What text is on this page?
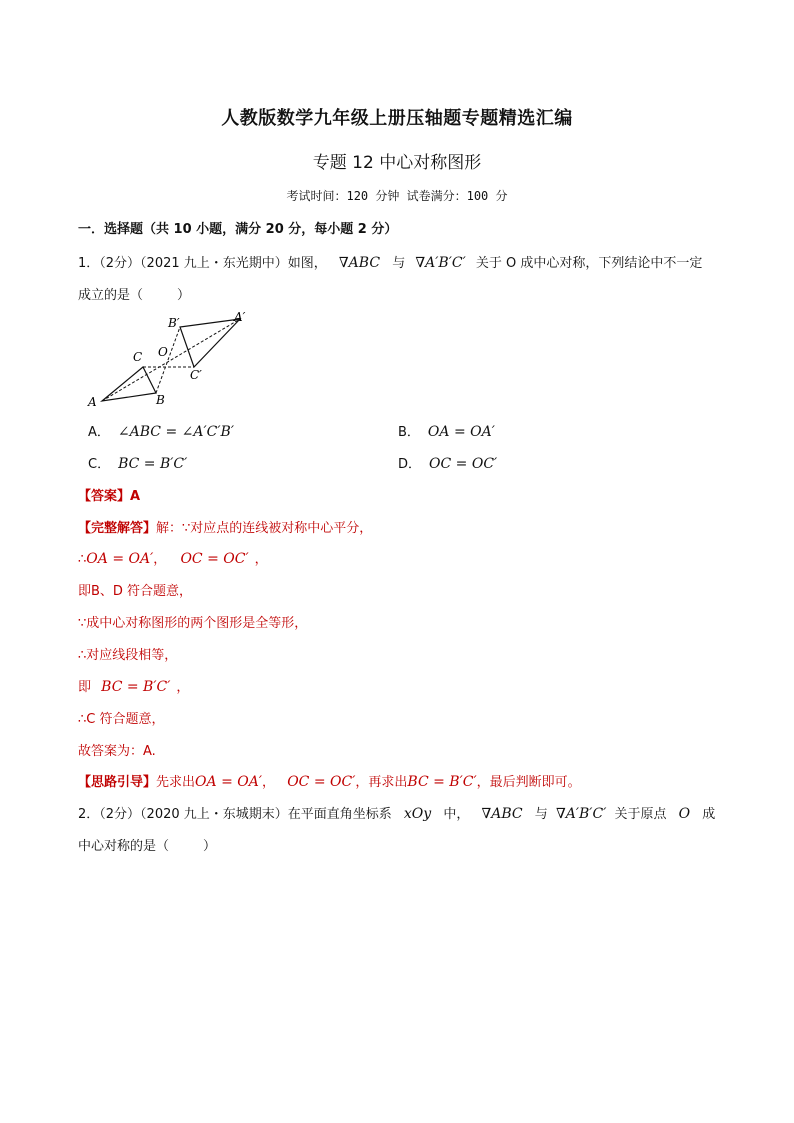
人教版数学九年级上册压轴题专题精选汇编
专题 12 中心对称图形
考试时间：120 分钟 试卷满分：100 分
一．选择题（共 10 小题，满分 20 分，每小题 2 分）
1．（2分）（2021 九上・东光期中）如图， ∇ABC 与 ∇A′B′C′ 关于 O 成中心对称，下列结论中不一定
成立的是（	）
A	B
C O
A′
B′
C′
A． ∠ABC = ∠A′C′B′	B． OA = OA′
C． BC = B′C′	D． OC = OC′
【答案】A
【完整解答】解：∵对应点的连线被对称中心平分，
∴OA = OA′， OC = OC′ ，
即B、D 符合题意，
∵成中心对称图形的两个图形是全等形，
∴对应线段相等，
即 BC = B′C′ ，
∴C 符合题意，
故答案为：A.
【思路引导】先求出OA = OA′， OC = OC′，再求出BC = B′C′，最后判断即可。
2．（2分）（2020 九上・东城期末）在平面直角坐标系 xOy 中， ∇ABC 与 ∇A′B′C′ 关于原点 O 成
中心对称的是（	）
